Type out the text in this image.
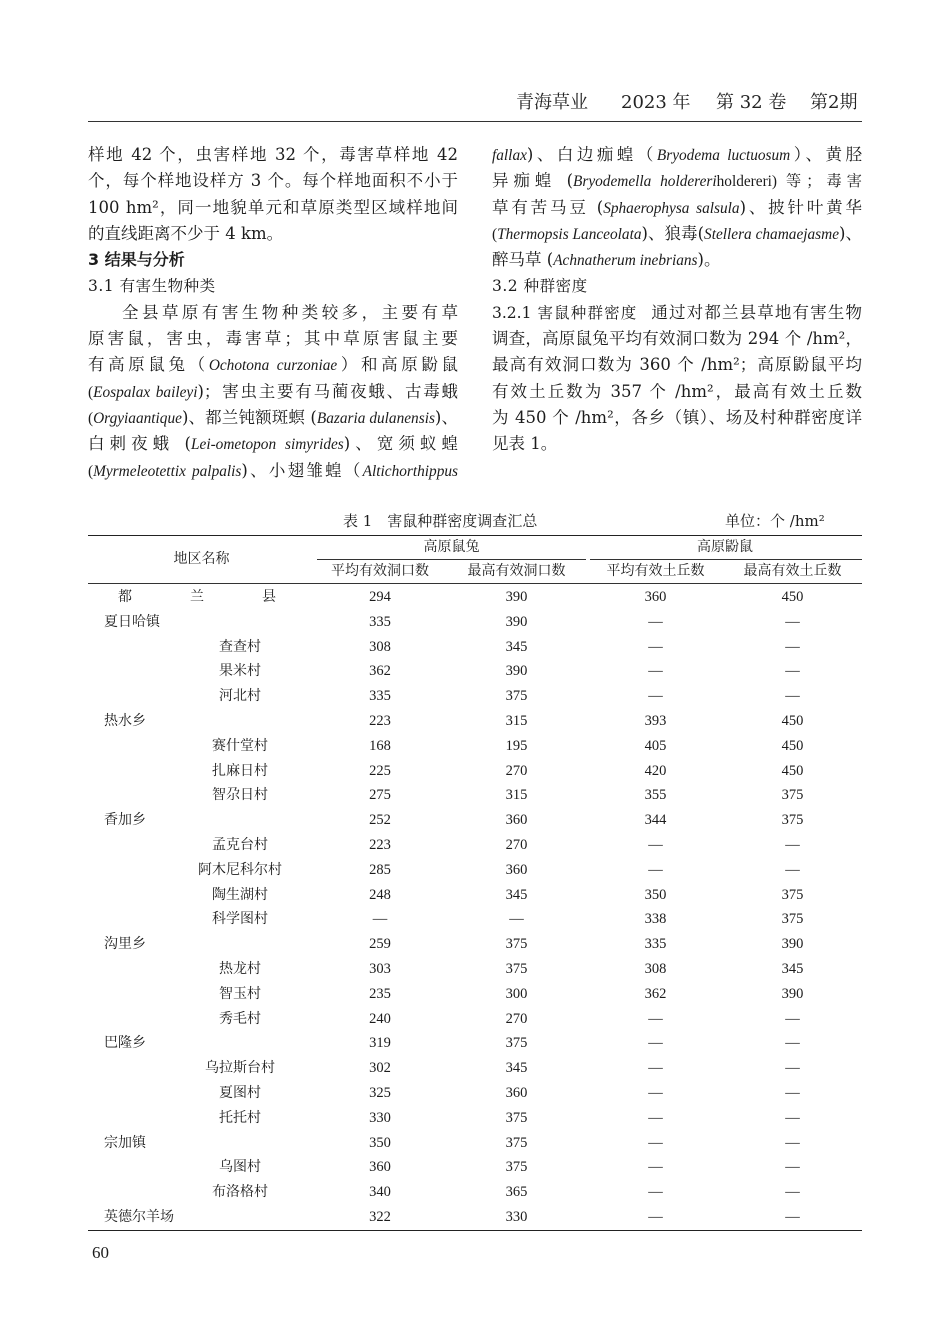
青海草业 2023 年 第 32 卷 第2期
样地 42 个，虫害样地 32 个，毒害草样地 42
个，每个样地设样方 3 个。每个样地面积不小于
100 hm²，同一地貌单元和草原类型区域样地间
的直线距离不少于 4 km。
3 结果与分析
3.1 有害生物种类
全县草原有害生物种类较多，主要有草
原害鼠，害虫，毒害草；其中草原害鼠主要
有高原鼠兔（Ochotona curzoniae）和高原鼢鼠
(Eospalax baileyi)；害虫主要有马蔺夜蛾、古毒蛾
(Orgyiaantique)、都兰钝额斑螟 (Bazaria dulanensis)、
白刺夜蛾 (Lei-ometopon simyrides)、宽须蚁蝗
(Myrmeleotettix palpalis)、小翅雏蝗（Altichorthippus
fallax)、白边痂蝗（Bryodema luctuosum）、黄胫
异痂蝗 (Bryodemella holdereriholdereri) 等；毒害
草有苦马豆 (Sphaerophysa salsula)、披针叶黄华
(Thermopsis Lanceolata)、狼毒(Stellera chamaejasme)、
醉马草 (Achnatherum inebrians)。
3.2 种群密度
3.2.1 害鼠种群密度 通过对都兰县草地有害生物
调查，高原鼠兔平均有效洞口数为 294 个 /hm²，
最高有效洞口数为 360 个 /hm²；高原鼢鼠平均
有效土丘数为 357 个 /hm²，最高有效土丘数
为 450 个 /hm²，各乡（镇）、场及村种群密度详
见表 1。
表 1　害鼠种群密度调查汇总	单位：个 /hm²
地区名称
高原鼠兔	高原鼢鼠
平均有效洞口数	最高有效洞口数	平均有效土丘数	最高有效土丘数
都兰县	294	390	360	450
夏日哈镇	335	390	—	—
查查村	308	345	—	—
果米村	362	390	—	—
河北村	335	375	—	—
热水乡	223	315	393	450
赛什堂村	168	195	405	450
扎麻日村	225	270	420	450
智尕日村	275	315	355	375
香加乡	252	360	344	375
孟克台村	223	270	—	—
阿木尼科尔村	285	360	—	—
陶生湖村	248	345	350	375
科学图村	—	—	338	375
沟里乡	259	375	335	390
热龙村	303	375	308	345
智玉村	235	300	362	390
秀毛村	240	270	—	—
巴隆乡	319	375	—	—
乌拉斯台村	302	345	—	—
夏图村	325	360	—	—
托托村	330	375	—	—
宗加镇	350	375	—	—
乌图村	360	375	—	—
布洛格村	340	365	—	—
英德尔羊场	322	330	—	—
60
